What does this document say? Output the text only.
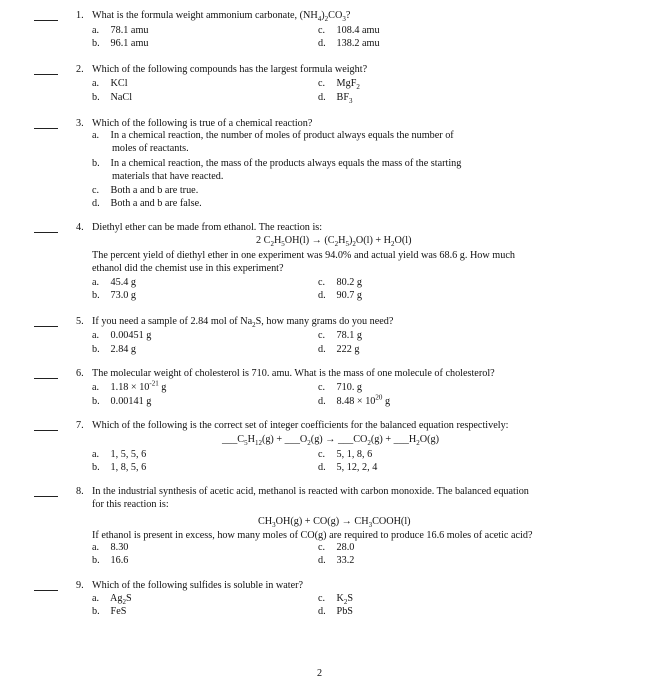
1. What is the formula weight ammonium carbonate, $(NH_4)_2CO_3$?
a. 78.1 amu	c. 108.4 amu
b. 96.1 amu	d. 138.2 amu
2. Which of the following compounds has the largest formula weight?
a. KCl	c. MgF$_2$
b. NaCl	d. $BF_3$
3. Which of the following is true of a chemical reaction?
a. In a chemical reaction, the number of moles of product always equals the number of
moles of reactants.
b. In a chemical reaction, the mass of the products always equals the mass of the starting
materials that have reacted.
c. Both a and b are true.
d. Both a and b are false.
4. Diethyl ether can be made from ethanol. The reaction is:
2 $C_2H_5OH(l) \to (C_2H_5)_2O(l) + H_2O(l)$
The percent yield of diethyl ether in one experiment was 94.0% and actual yield was 68.6 g. How much
ethanol did the chemist use in this experiment?
a. 45.4 g	c. 80.2 g
b. 73.0 g	d. 90.7 g
5. If you need a sample of 2.84 mol of $Na_2S$, how many grams do you need?
a. 0.00451 g	c. 78.1 g
b. 2.84 g	d. 222 g
6. The molecular weight of cholesterol is 710. amu. What is the mass of one molecule of cholesterol?
a. $1.18 \times 10^{-21}$ g	c. 710. g
b. 0.00141 g	d. $8.48 \times 10^{20}$ g
7. Which of the following is the correct set of integer coefficients for the balanced equation respectively:
$\_\_\_C_5H_{12}(g)$ + $\_\_\_O_2(g)$ → $\_\_\_CO_2(g)$ + $\_\_\_H_2O(g)$
a. 1, 5, 5, 6	c. 5, 1, 8, 6
b. 1, 8, 5, 6	d. 5, 12, 2, 4
8. In the industrial synthesis of acetic acid, methanol is reacted with carbon monoxide. The balanced equation
for this reaction is:
$CH_3OH(g) + CO(g)$ → $CH_3COOH(l)$
If ethanol is present in excess, how many moles of CO(g) are required to produce 16.6 moles of acetic acid?
a. 8.30	c. 28.0
b. 16.6	d. 33.2
9. Which of the following sulfides is soluble in water?
a. $Ag_2S$	c. $K_2S$
b. FeS	d. PbS
2
